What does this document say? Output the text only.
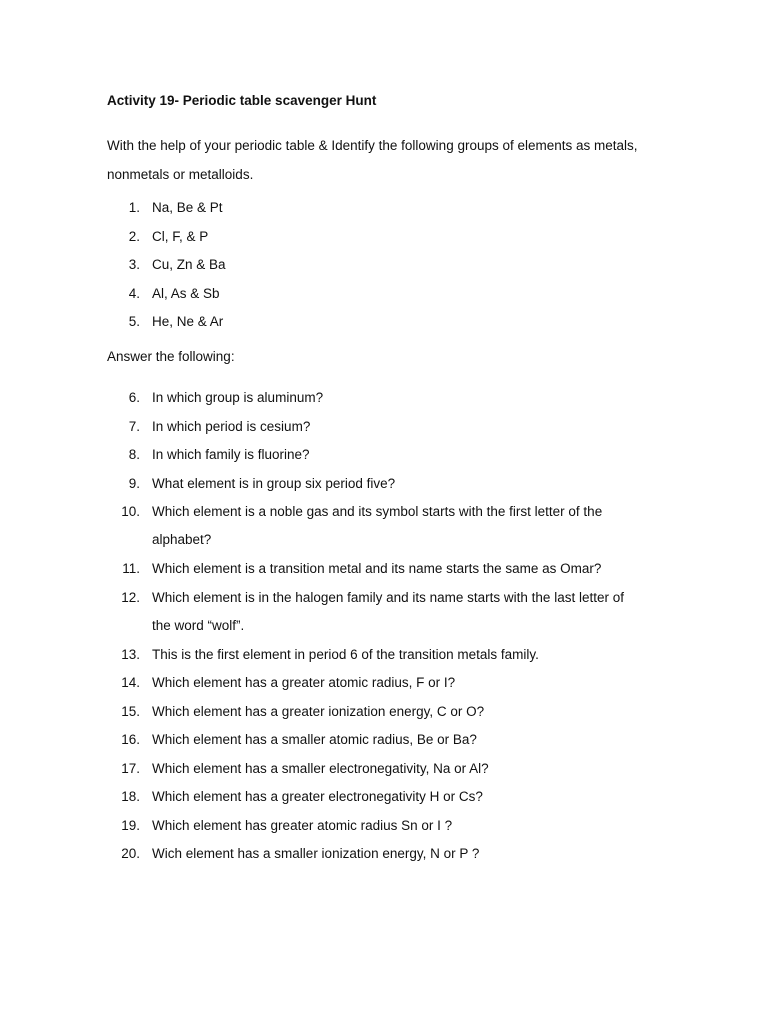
Activity 19- Periodic table scavenger Hunt

With the help of your periodic table & Identify the following groups of elements as metals,

nonmetals or metalloids.

1. Na, Be & Pt
2. Cl, F, & P
3. Cu, Zn & Ba
4. Al, As & Sb
5. He, Ne & Ar
Answer the following:
6. In which group is aluminum?
7. In which period is cesium?
8. In which family is fluorine?
9. What element is in group six period five?
10. Which element is a noble gas and its symbol starts with the first letter of the
alphabet?
11. Which element is a transition metal and its name starts the same as Omar?
12. Which element is in the halogen family and its name starts with the last letter of
the word “wolf”.
13. This is the first element in period 6 of the transition metals family.
14. Which element has a greater atomic radius, F or I?
15. Which element has a greater ionization energy, C or O?
16. Which element has a smaller atomic radius, Be or Ba?
17. Which element has a smaller electronegativity, Na or Al?
18. Which element has a greater electronegativity H or Cs?
19. Which element has greater atomic radius Sn or I ?
20. Wich element has a smaller ionization energy, N or P ?
